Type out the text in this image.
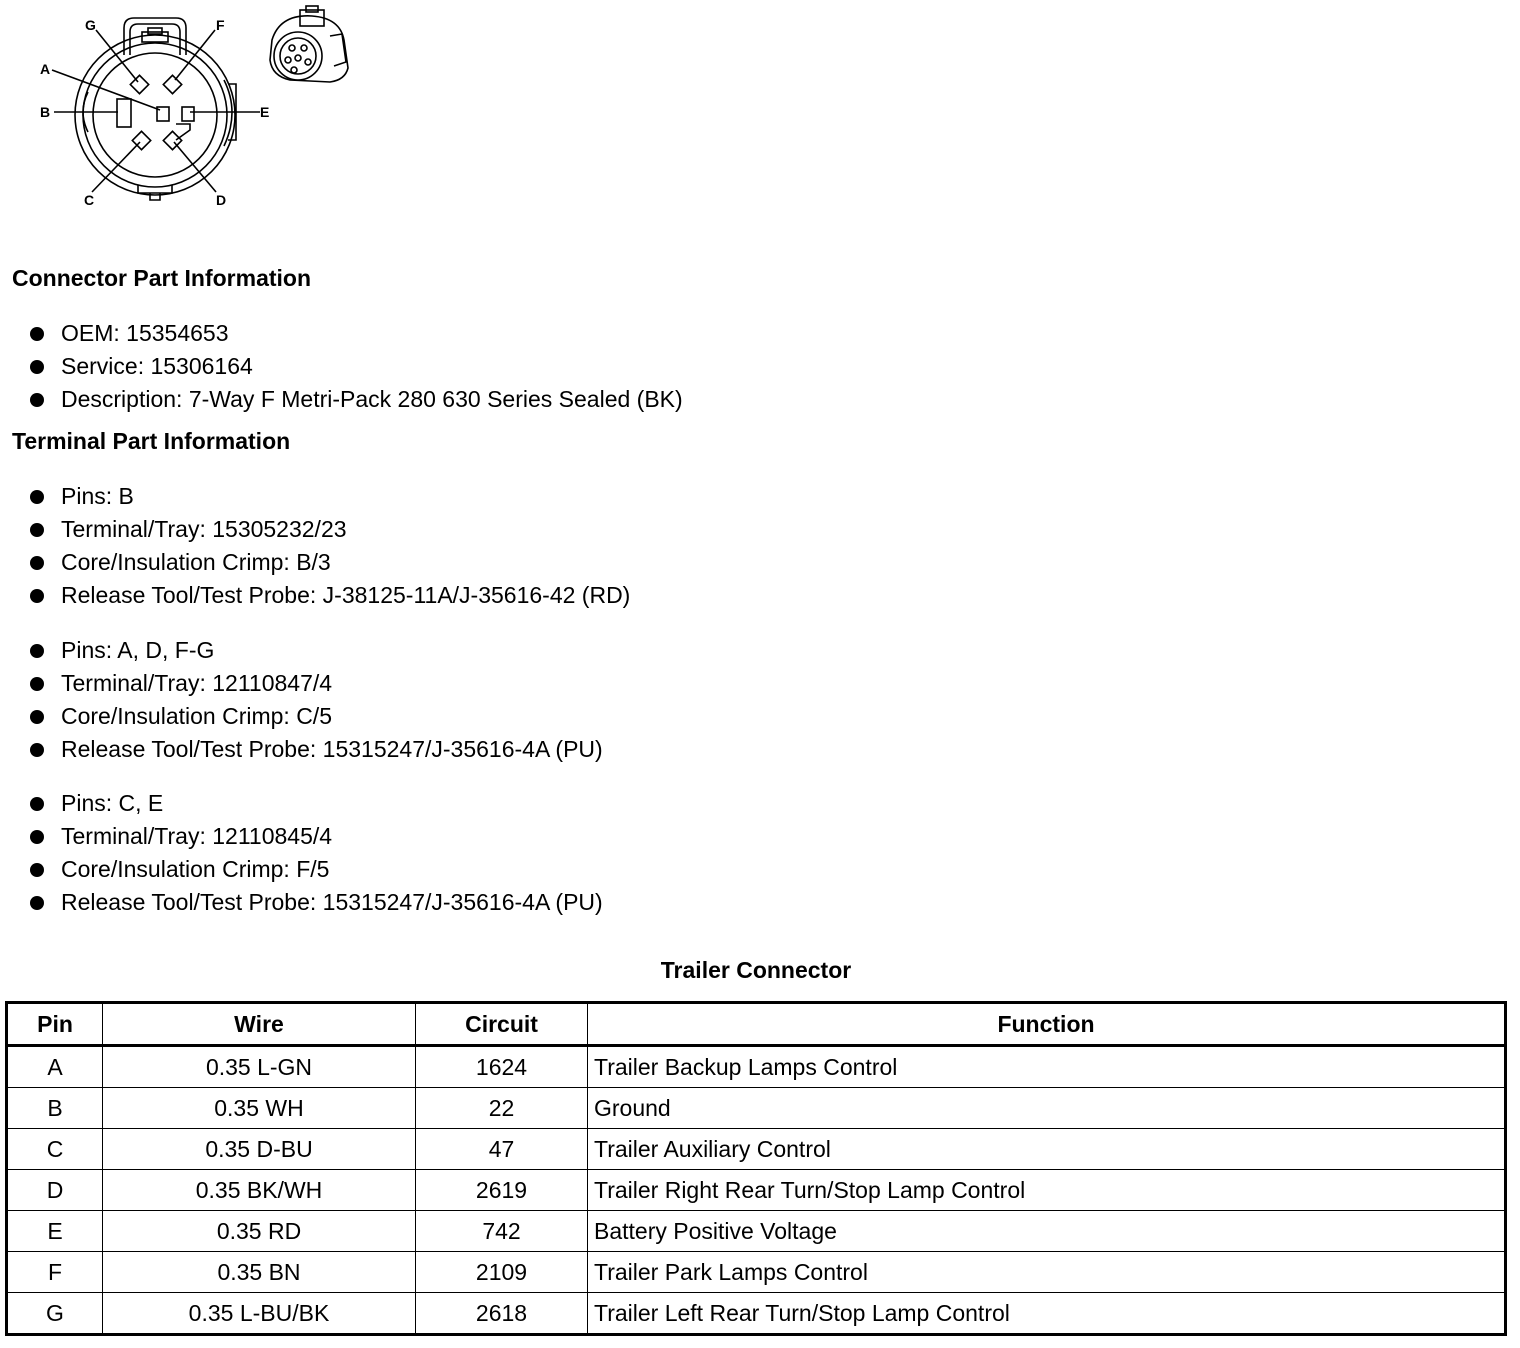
G	F
A
B	E
C	D
Connector Part Information
OEM: 15354653
Service: 15306164
Description: 7-Way F Metri-Pack 280 630 Series Sealed (BK)
Terminal Part Information
Pins: B
Terminal/Tray: 15305232/23
Core/Insulation Crimp: B/3
Release Tool/Test Probe: J-38125-11A/J-35616-42 (RD)
Pins: A, D, F-G
Terminal/Tray: 12110847/4
Core/Insulation Crimp: C/5
Release Tool/Test Probe: 15315247/J-35616-4A (PU)
Pins: C, E
Terminal/Tray: 12110845/4
Core/Insulation Crimp: F/5
Release Tool/Test Probe: 15315247/J-35616-4A (PU)
Trailer Connector
Pin	Wire	Circuit	Function
A	0.35 L-GN	1624	Trailer Backup Lamps Control
B	0.35 WH	22	Ground
C	0.35 D-BU	47	Trailer Auxiliary Control
D	0.35 BK/WH	2619	Trailer Right Rear Turn/Stop Lamp Control
E	0.35 RD	742	Battery Positive Voltage
F	0.35 BN	2109	Trailer Park Lamps Control
G	0.35 L-BU/BK	2618	Trailer Left Rear Turn/Stop Lamp Control
